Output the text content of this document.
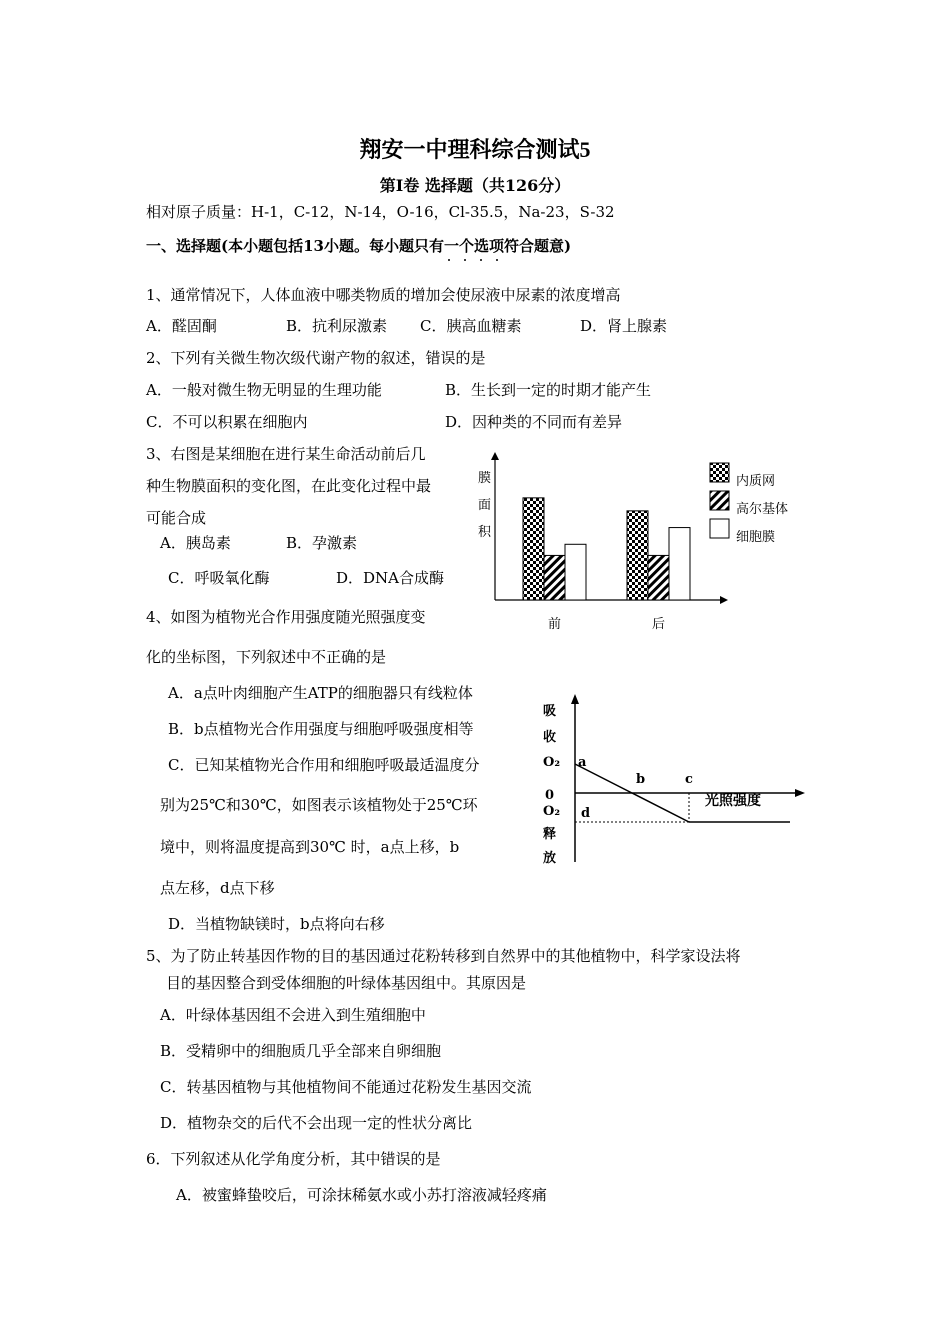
翔安一中理科综合测试5
第I卷 选择题（共126分）
相对原子质量：H-1，C-12，N-14，O-16，Cl-35.5，Na-23，S-32
一、选择题(本小题包括13小题。每小题只有一个选项符合题意)
1、通常情况下，人体血液中哪类物质的增加会使尿液中尿素的浓度增高
A．醛固酮	B．抗利尿激素 C．胰高血糖素	D．肾上腺素
2、下列有关微生物次级代谢产物的叙述，错误的是
A．一般对微生物无明显的生理功能	B．生长到一定的时期才能产生
C．不可以积累在细胞内	D．因种类的不同而有差异
3、右图是某细胞在进行某生命活动前后几
种生物膜面积的变化图，在此变化过程中最
可能合成
A．胰岛素	B．孕激素
C．呼吸氧化酶	D．DNA合成酶
膜
面
积
前	后
内质网
高尔基体
细胞膜
4、如图为植物光合作用强度随光照强度变
化的坐标图，下列叙述中不正确的是
A．a点叶肉细胞产生ATP的细胞器只有线粒体
B．b点植物光合作用强度与细胞呼吸强度相等
C．已知某植物光合作用和细胞呼吸最适温度分
别为25℃和30℃，如图表示该植物处于25℃环
境中，则将温度提高到30℃ 时，a点上移，b
点左移，d点下移
D．当植物缺镁时，b点将向右移
吸
收
O₂
0
O₂
释
放
光照强度
a
b	c
d
5、为了防止转基因作物的目的基因通过花粉转移到自然界中的其他植物中，科学家设法将
目的基因整合到受体细胞的叶绿体基因组中。其原因是
A．叶绿体基因组不会进入到生殖细胞中
B．受精卵中的细胞质几乎全部来自卵细胞
C．转基因植物与其他植物间不能通过花粉发生基因交流
D．植物杂交的后代不会出现一定的性状分离比
6．下列叙述从化学角度分析，其中错误的是
A．被蜜蜂蛰咬后，可涂抹稀氨水或小苏打溶液减轻疼痛
